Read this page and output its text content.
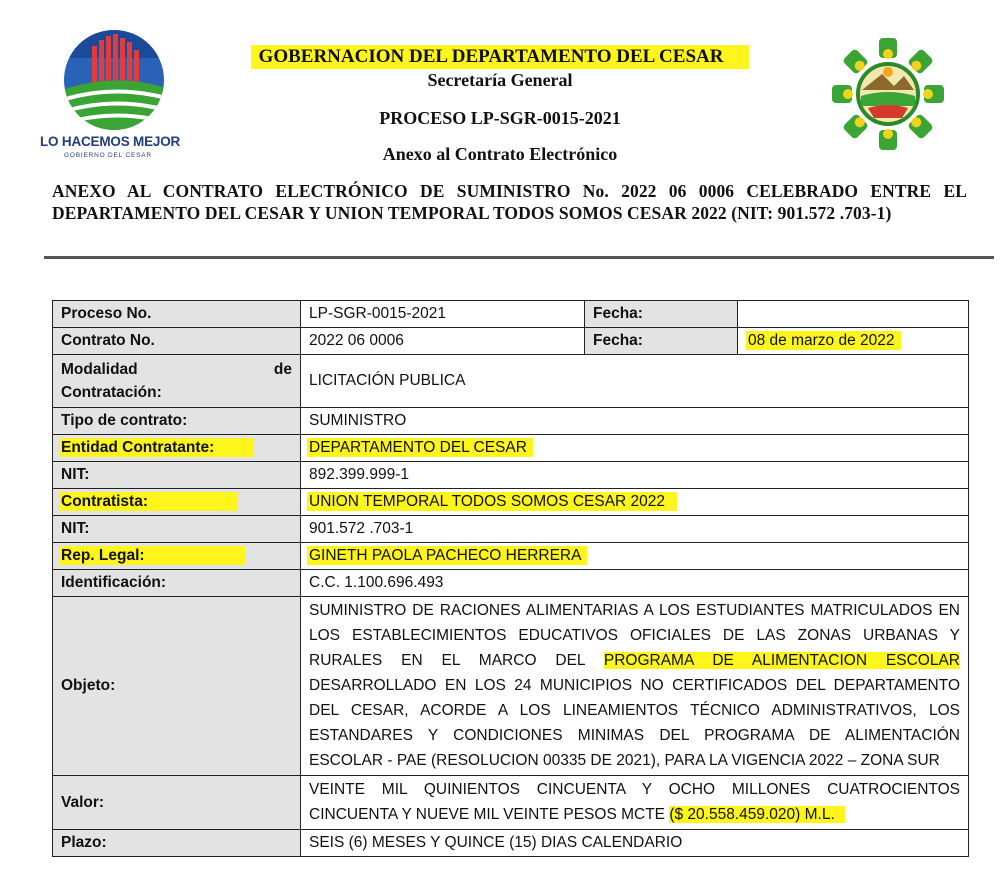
LO HACEMOS MEJOR
GOBIERNO DEL CESAR
GOBERNACION DEL DEPARTAMENTO DEL CESAR
Secretaría General
PROCESO LP-SGR-0015-2021
Anexo al Contrato Electrónico
ANEXO AL CONTRATO ELECTRÓNICO DE SUMINISTRO No. 2022 06 0006 CELEBRADO ENTRE EL DEPARTAMENTO DEL CESAR Y UNION TEMPORAL TODOS SOMOS CESAR 2022 (NIT: 901.572 .703-1)
Proceso No.	LP-SGR-0015-2021	Fecha:	
Contrato No.	2022 06 0006	Fecha:	08 de marzo de 2022

Modalidad de
Contratación:	LICITACIÓN PUBLICA		
Tipo de contrato:	SUMINISTRO		
Entidad Contratante:	DEPARTAMENTO DEL CESAR		
NIT:	892.399.999-1		
Contratista:	UNION TEMPORAL TODOS SOMOS CESAR 2022		
NIT:	901.572 .703-1		
Rep. Legal:	GINETH PAOLA PACHECO HERRERA		
Identificación:	C.C. 1.100.696.493		
Objeto:	SUMINISTRO DE RACIONES ALIMENTARIAS A LOS ESTUDIANTES MATRICULADOS EN LOS ESTABLECIMIENTOS EDUCATIVOS OFICIALES DE LAS ZONAS URBANAS Y RURALES EN EL MARCO DEL PROGRAMA DE ALIMENTACION ESCOLAR DESARROLLADO EN LOS 24 MUNICIPIOS NO CERTIFICADOS DEL DEPARTAMENTO DEL CESAR, ACORDE A LOS LINEAMIENTOS TÉCNICO ADMINISTRATIVOS, LOS ESTANDARES Y CONDICIONES MINIMAS DEL PROGRAMA DE ALIMENTACIÓN ESCOLAR - PAE (RESOLUCION 00335 DE 2021), PARA LA VIGENCIA 2022 – ZONA SUR		
Valor:	VEINTE MIL QUINIENTOS CINCUENTA Y OCHO MILLONES CUATROCIENTOS CINCUENTA Y NUEVE MIL VEINTE PESOS MCTE ($ 20.558.459.020) M.L.		
Plazo:	SEIS (6) MESES Y QUINCE (15) DIAS CALENDARIO		
